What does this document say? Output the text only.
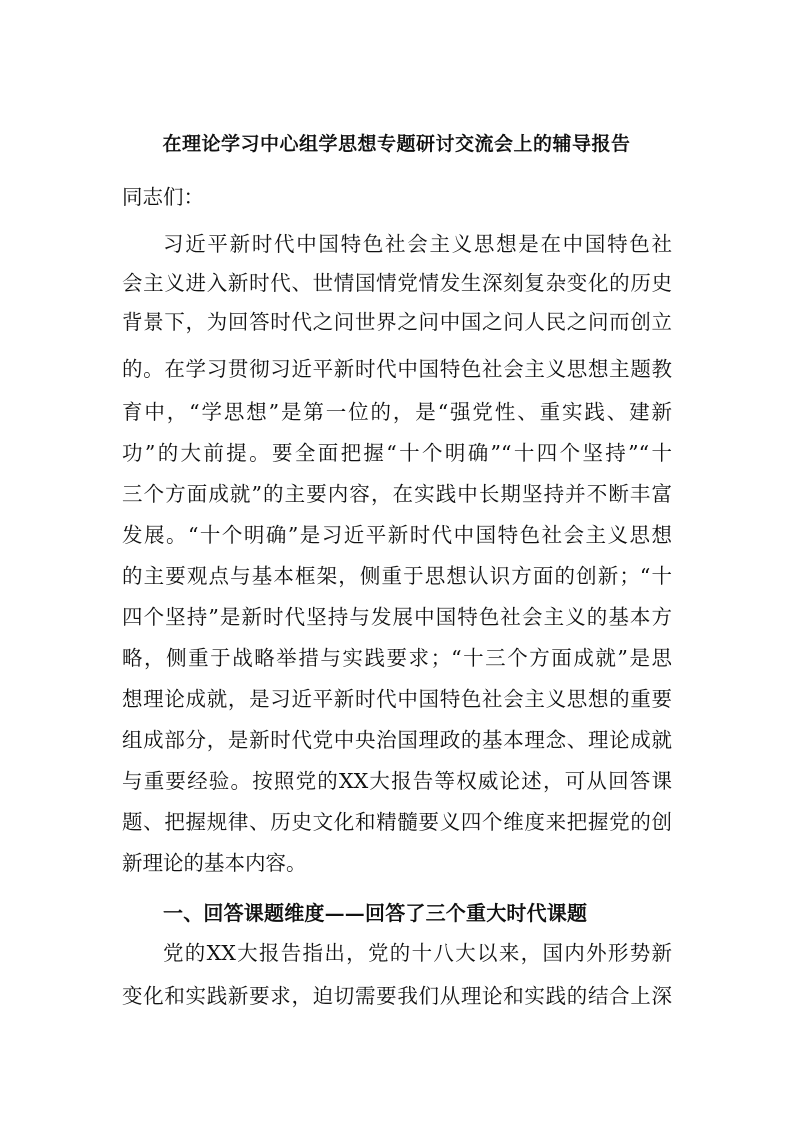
在理论学习中心组学思想专题研讨交流会上的辅导报告
同志们：
习近平新时代中国特色社会主义思想是在中国特色社
会主义进入新时代、世情国情党情发生深刻复杂变化的历史
背景下，为回答时代之问世界之问中国之问人民之问而创立
的。在学习贯彻习近平新时代中国特色社会主义思想主题教
育中，“学思想”是第一位的，是“强党性、重实践、建新
功”的大前提。要全面把握“十个明确”“十四个坚持”“十
三个方面成就”的主要内容，在实践中长期坚持并不断丰富
发展。“十个明确”是习近平新时代中国特色社会主义思想
的主要观点与基本框架，侧重于思想认识方面的创新；“十
四个坚持”是新时代坚持与发展中国特色社会主义的基本方
略，侧重于战略举措与实践要求；“十三个方面成就”是思
想理论成就，是习近平新时代中国特色社会主义思想的重要
组成部分，是新时代党中央治国理政的基本理念、理论成就
与重要经验。按照党的XX大报告等权威论述，可从回答课
题、把握规律、历史文化和精髓要义四个维度来把握党的创
新理论的基本内容。
一、回答课题维度——回答了三个重大时代课题
党的XX大报告指出，党的十八大以来，国内外形势新
变化和实践新要求，迫切需要我们从理论和实践的结合上深
